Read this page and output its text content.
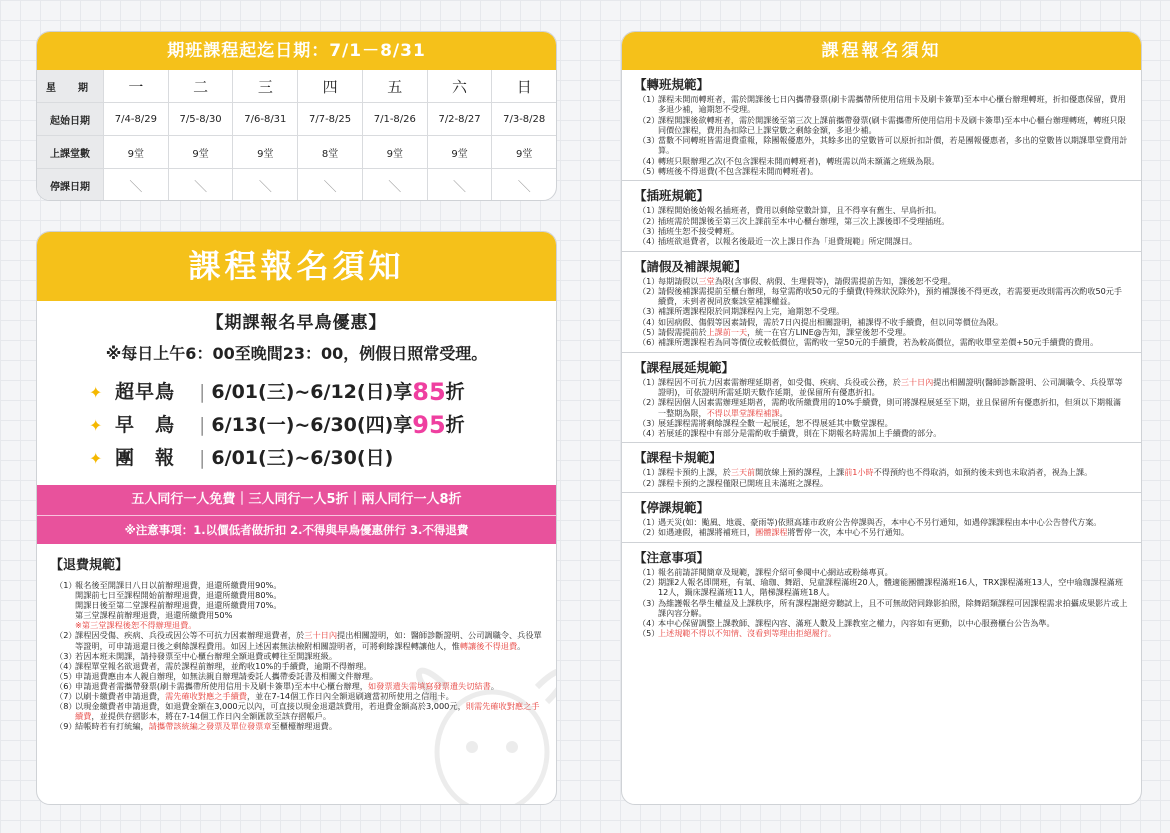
期班課程起迄日期：7/1－8/31
星　期	一	二	三	四	五	六	日
起始日期	7/4-8/29	7/5-8/30	7/6-8/31	7/7-8/25	7/1-8/26	7/2-8/27	7/3-8/28
上課堂數	9堂	9堂	9堂	8堂	9堂	9堂	9堂
停課日期	＼	＼	＼	＼	＼	＼	＼
課程報名須知
【期課報名早鳥優惠】
※每日上午6：00至晚間23：00，例假日照常受理。
✦ 超早鳥	| 6/01(三)~6/12(日)享 85 折
✦ 早　鳥	| 6/13(一)~6/30(四)享 95 折
✦ 團　報	| 6/01(三)~6/30(日)
五人同行一人免費｜三人同行一人5折｜兩人同行一人8折
※注意事項：1.以價低者做折扣 2.不得與早鳥優惠併行 3.不得退費
【退費規範】
（1）
報名後至開課日八日以前辦理退費，退還所繳費用90%。
開課前七日至課程開始前辦理退費，退還所繳費用80%。
開課日後至第二堂課程前辦理退費，退還所繳費用70%。
第三堂課程前辦理退費，退還所繳費用50%
※第三堂課程後恕不得辦理退費。
（2）
課程因受傷、疾病、兵役或因公等不可抗力因素辦理退費者，於三十日內提出相關證明，如：醫師診斷證明、公司調職令、兵役單等證明，可申請退還日後之剩餘課程費用。如因上述因素無法檢附相關證明者，可將剩餘課程轉讓他人，惟轉讓後不得退費。
（3）
若因本班未開課，請持發票至中心櫃台辦理全額退費或轉往至開課班級。
（4）
課程單堂報名欲退費者，需於課程前辦理，並酌收10%的手續費，逾期不得辦理。
（5）
申請退費應由本人親自辦理，如無法親自辦理請委託人攜帶委託書及相關文件辦理。
（6）
申請退費者需攜帶發票(刷卡需攜帶所使用信用卡及刷卡簽單)至本中心櫃台辦理，如發票遺失需填寫發票遺失切結書。
（7）
以刷卡繳費者申請退費，需先確收對應之手續費，並在7-14個工作日內全額退刷適當初所使用之信用卡。
（8）
以現金繳費者申請退費，如退費金額在3,000元以內，可直接以現金退還該費用，若退費金額高於3,000元，則需先確收對應之手續費，並提供存摺影本，將在7-14個工作日內全額匯款至該存摺帳戶。
（9）
結帳時若有打統編，請攜帶該統編之發票及單位發票章至櫃檯辦理退費。
課程報名須知
【轉班規範】
（1）
課程未開而轉班者，需於開課後七日內攜帶發票(刷卡需攜帶所使用信用卡及刷卡簽單)至本中心櫃台辦理轉班，折扣優惠保留，費用多退少補，逾期恕不受理。
（2）
課程開課後欲轉班者，需於開課後至第三次上課前攜帶發票(刷卡需攜帶所使用信用卡及刷卡簽單)至本中心櫃台辦理轉班，轉班只限同價位課程，費用為扣除已上課堂數之剩餘金額，多退少補。
（3）
當數不同轉班皆需退費重報，除團報優惠外，其餘多出的堂數皆可以原折扣計價，若是團報優惠者，多出的堂數皆以期課單堂費用計算。
（4）
轉班只限辦理乙次(不包含課程未開而轉班者)，轉班需以尚未額滿之班級為限。
（5）
轉班後不得退費(不包含課程未開而轉班者)。
【插班規範】
（1）
課程開始後始報名插班者，費用以剩餘堂數計算，且不得享有舊生、早鳥折扣。
（2）
插班需於開課後至第三次上課前至本中心櫃台辦理，第三次上課後即不受理插班。
（3）
插班生恕不接受轉班。
（4）
插班欲退費者，以報名後最近一次上課日作為「退費規範」所定開課日。
【請假及補課規範】
（1）
每期請假以三堂為限(含事假、病假、生理假等)，請假需提前告知，課後恕不受理。
（2）
請假後補課需提前至櫃台辦理，每堂需酌收50元的手續費(特殊狀況除外)，預約補課後不得更改，若需要更改則需再次酌收50元手續費，未到者視同放棄該堂補課權益。
（3）
補課所選課程限於同期課程內上完，逾期恕不受理。
（4）
如因病假、傷假等因素請假，需於7日內提出相關證明，補課得不收手續費，但以同等價位為限。
（5）
請假需提前於上課前一天，統一在官方LINE@告知，課堂後恕不受理。
（6）
補課所選課程若為同等價位或較低價位，需酌收一堂50元的手續費，若為較高價位，需酌收單堂差價+50元手續費的費用。
【課程展延規範】
（1）
課程因不可抗力因素需辦理延期者，如受傷、疾病、兵役或公務，於三十日內提出相關證明(醫師診斷證明、公司調職令、兵役單等證明)，可依證明所需延期天數作延期，並保留所有優惠折扣。
（2）
課程因個人因素需辦理延期者，需酌收所繳費用的10%手續費，則可將課程展延至下期，並且保留所有優惠折扣，但須以下期報滿一整期為限，不得以單堂課程補課。
（3）
展延課程需將剩餘課程全數一起展延，恕不得展延其中數堂課程。
（4）
若展延的課程中有部分是需酌收手續費，則在下期報名時需加上手續費的部分。
【課程卡規範】
（1）
課程卡預約上課，於三天前開放線上預約課程，上課前1小時不得預約也不得取消，如預約後未到也未取消者，視為上課。
（2）
課程卡預約之課程僅限已開班且未滿班之課程。
【停課規範】
（1）
遇天災(如：颱風、地震、豪雨等)依照高雄市政府公告停課與否，本中心不另行通知，如遇停課課程由本中心公告替代方案。
（2）
如遇連假，補課將補班日，團體課程將暫停一次，本中心不另行通知。
【注意事項】
（1）
報名前請詳閱簡章及規範，課程介紹可參閱中心網站或粉絲專頁。
（2）
期課2人報名即開班，有氧、瑜珈、舞蹈、兒童課程滿班20人，體適能團體課程滿班16人，TRX課程滿班13人，空中瑜珈課程滿班12人，鍋床課程滿班11人，階梯課程滿班18人。
（3）
為維護報名學生權益及上課秩序，所有課程謝絕旁聽試上，且不可無故陪同錄影拍照，除舞蹈類課程可因課程需求拍攝成果影片或上課內容分解。
（4）
本中心保留調整上課教師、課程內容、滿班人數及上課教室之權力，內容如有更動，以中心服務櫃台公告為準。
（5）
上述規範不得以不知情、沒看到等理由拒絕履行。
